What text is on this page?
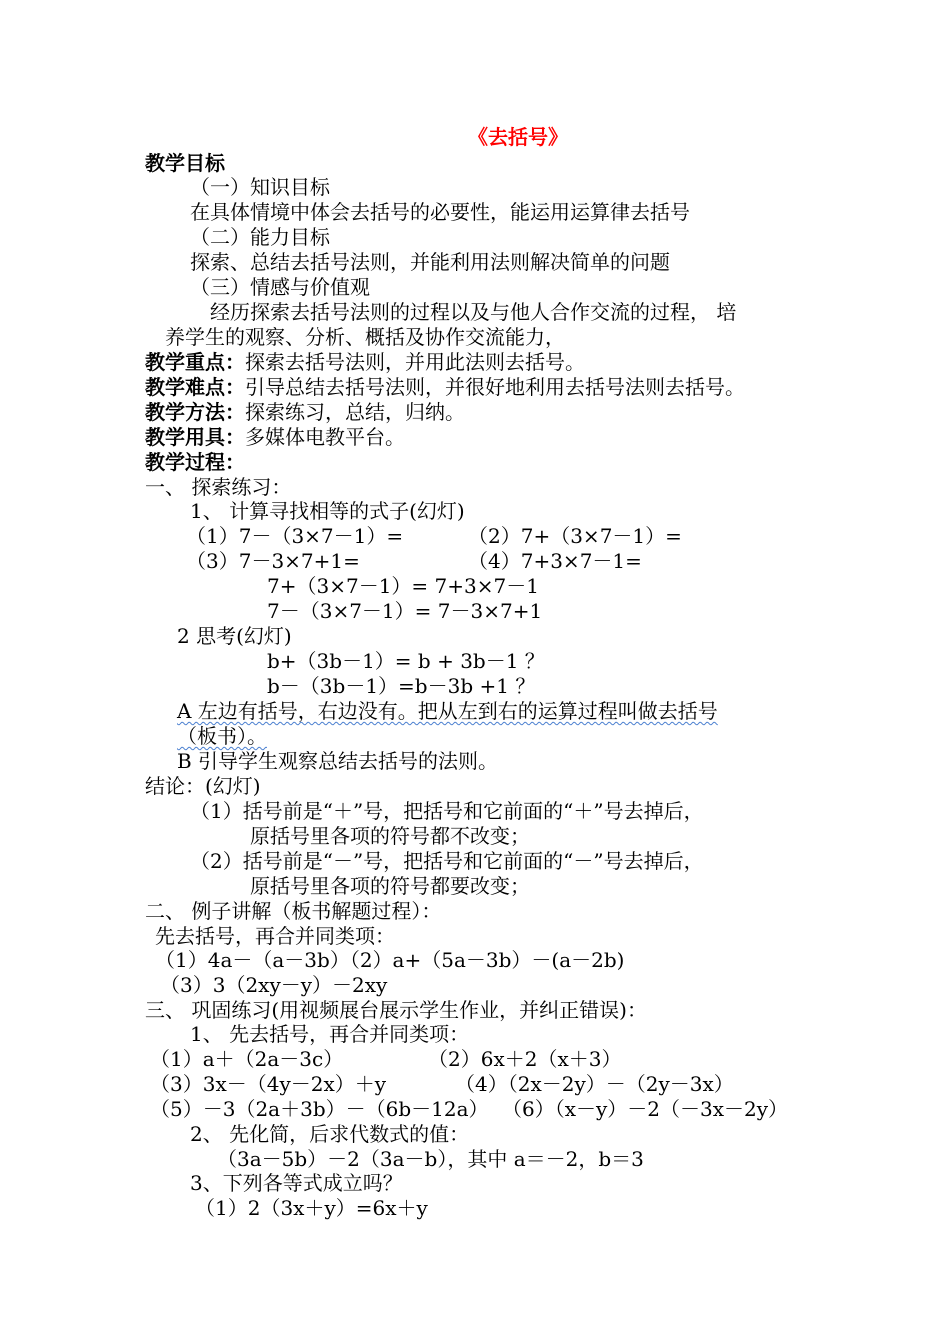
《去括号》
教学目标
（一）知识目标
在具体情境中体会去括号的必要性，能运用运算律去括号
（二）能力目标
探索、总结去括号法则，并能利用法则解决简单的问题
（三）情感与价值观
经历探索去括号法则的过程以及与他人合作交流的过程， 培
养学生的观察、分析、概括及协作交流能力，
教学重点：探索去括号法则，并用此法则去括号。
教学难点：引导总结去括号法则，并很好地利用去括号法则去括号。
教学方法：探索练习，总结，归纳。
教学用具：多媒体电教平台。
教学过程：
一、 探索练习：
1、 计算寻找相等的式子(幻灯)
（1）7－（3×7－1）=	（2）7+（3×7－1）=
（3）7－3×7+1=	（4）7+3×7－1=
7+（3×7－1）= 7+3×7－1
7－（3×7－1）= 7－3×7+1
2 思考(幻灯)
b+（3b－1）= b + 3b－1 ？
b－（3b－1）=b－3b +1 ？
A 左边有括号，右边没有。把从左到右的运算过程叫做去括号
（板书）。
B 引导学生观察总结去括号的法则。
结论：(幻灯)
（1）括号前是“＋”号，把括号和它前面的“＋”号去掉后，
原括号里各项的符号都不改变；
（2）括号前是“－”号，把括号和它前面的“－”号去掉后，
原括号里各项的符号都要改变；
二、 例子讲解（板书解题过程）：
先去括号，再合并同类项：
（1）4a－（a－3b）（2）a+（5a－3b）－(a－2b)
（3）3（2xy－y）－2xy
三、 巩固练习(用视频展台展示学生作业，并纠正错误)：
1、 先去括号，再合并同类项：
（1）a＋（2a－3c）	（2）6x＋2（x＋3）
（3）3x－（4y－2x）＋y	（4）（2x－2y）－（2y－3x）
（5）－3（2a＋3b）－（6b－12a） （6）（x－y）－2（－3x－2y）
2、 先化简，后求代数式的值：
（3a－5b）－2（3a－b），其中 a＝－2，b＝3
3、下列各等式成立吗？
（1）2（3x＋y）=6x＋y
